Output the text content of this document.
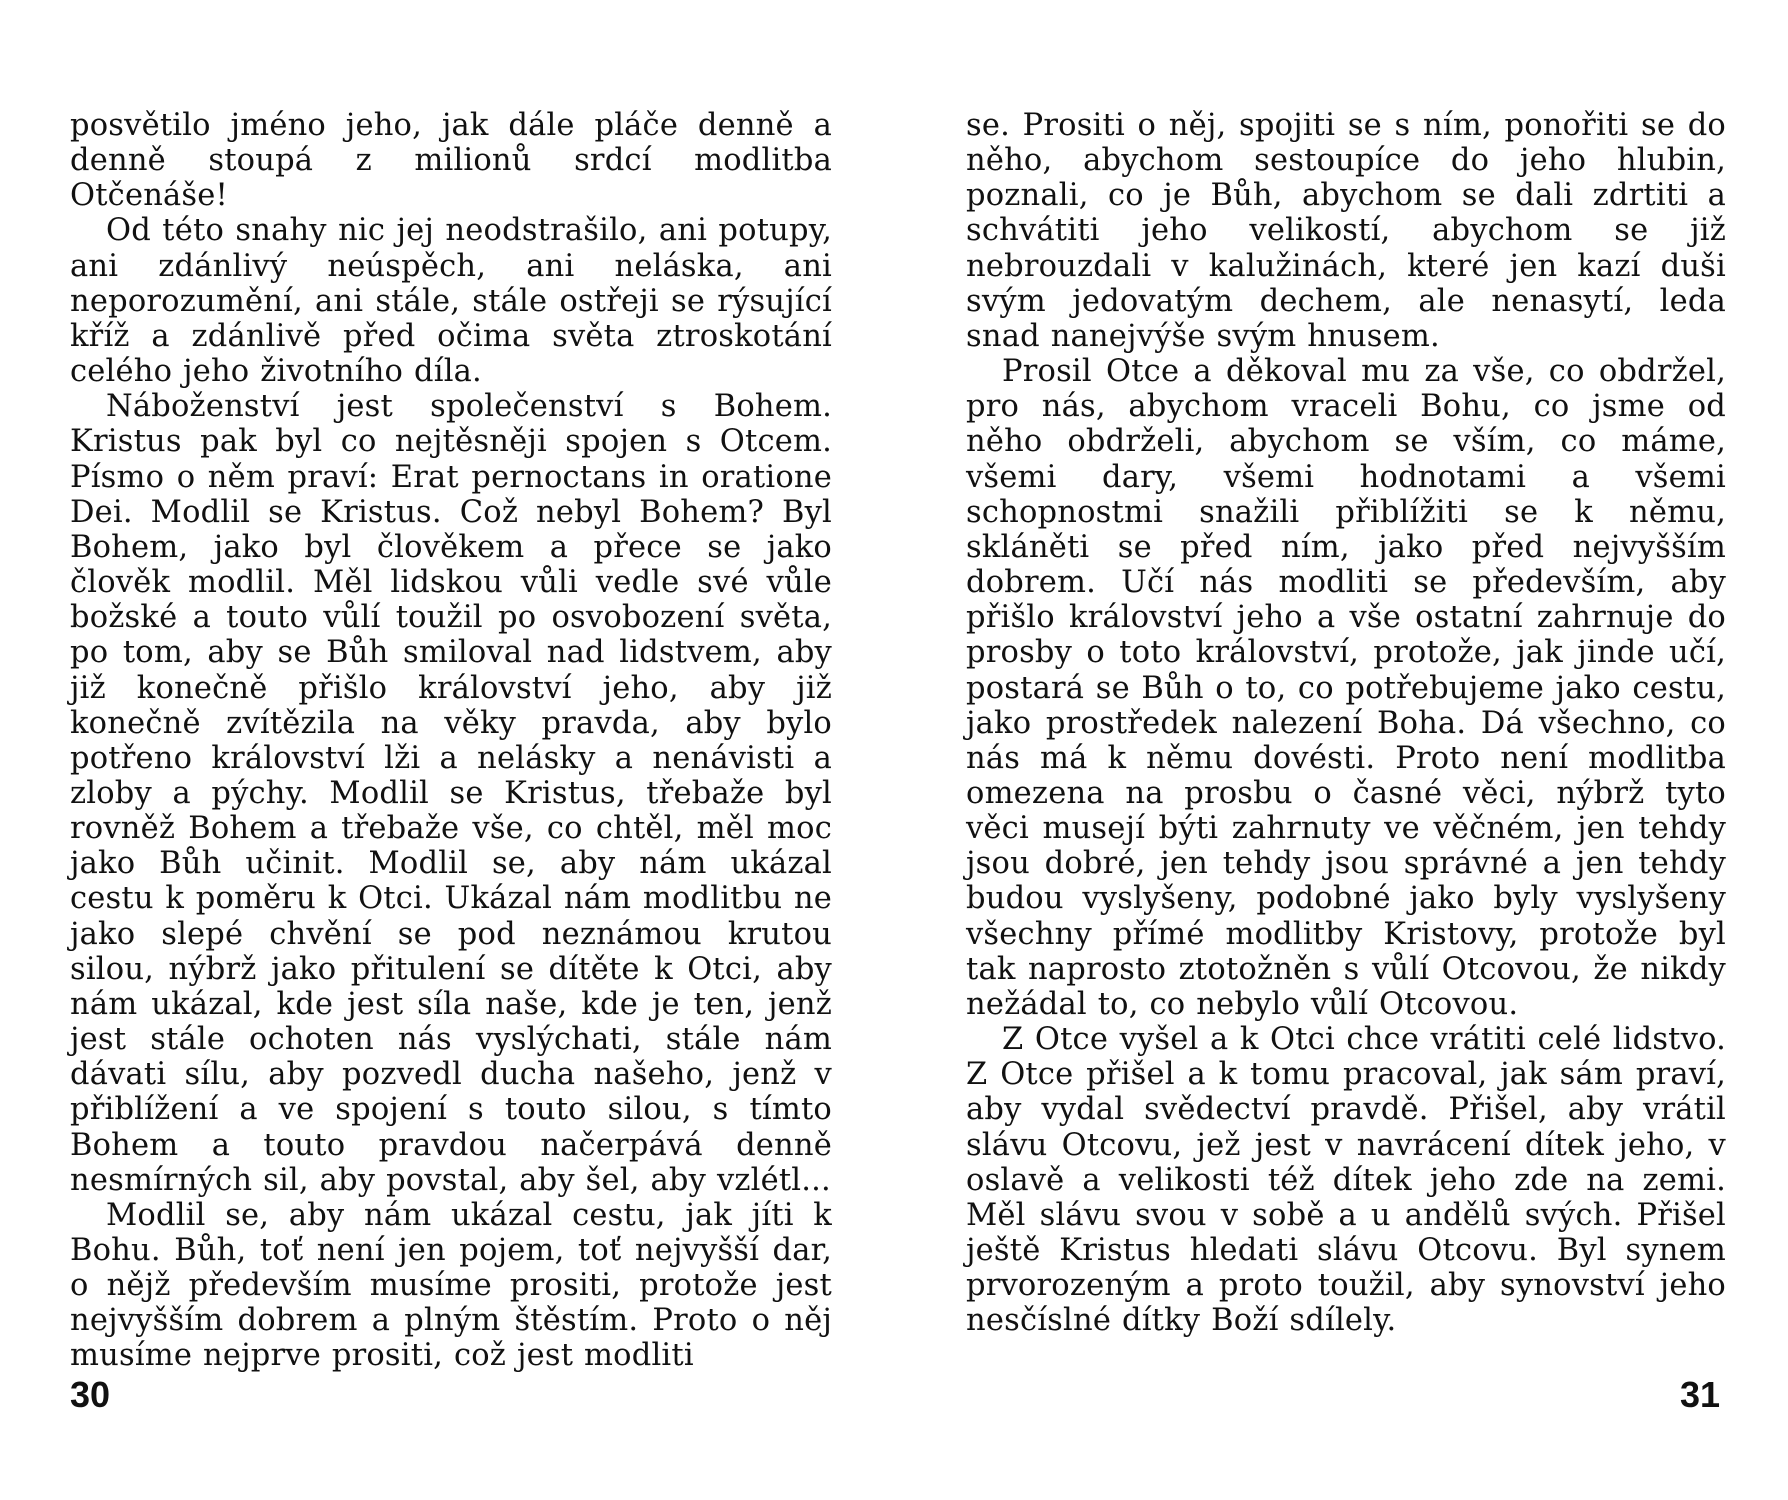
posvětilo jméno jeho, jak dále pláče denně a denně stoupá z milionů srdcí modlitba Otčenáše!

Od této snahy nic jej neodstrašilo, ani potupy, ani zdánlivý neúspěch, ani neláska, ani neporozumění, ani stále, stále ostřeji se rýsující kříž a zdánlivě před očima světa ztroskotání celého jeho životního díla.

Náboženství jest společenství s Bohem. Kristus pak byl co nejtěsněji spojen s Otcem. Písmo o něm praví: Erat pernoctans in oratione Dei. Modlil se Kristus. Což nebyl Bohem? Byl Bohem, jako byl člověkem a přece se jako člověk modlil. Měl lidskou vůli vedle své vůle božské a touto vůlí toužil po osvobození světa, po tom, aby se Bůh smiloval nad lidstvem, aby již konečně přišlo království jeho, aby již konečně zvítězila na věky pravda, aby bylo potřeno království lži a nelásky a nenávisti a zloby a pýchy. Modlil se Kristus, třebaže byl rovněž Bohem a třebaže vše, co chtěl, měl moc jako Bůh učinit. Modlil se, aby nám ukázal cestu k poměru k Otci. Ukázal nám modlitbu ne jako slepé chvění se pod neznámou krutou silou, nýbrž jako přitulení se dítěte k Otci, aby nám ukázal, kde jest síla naše, kde je ten, jenž jest stále ochoten nás vyslýchati, stále nám dávati sílu, aby pozvedl ducha našeho, jenž v přiblížení a ve spojení s touto silou, s tímto Bohem a touto pravdou načerpává denně nesmírných sil, aby povstal, aby šel, aby vzlétl...

Modlil se, aby nám ukázal cestu, jak jíti k Bohu. Bůh, toť není jen pojem, toť nejvyšší dar, o nějž především musíme prositi, protože jest nejvyšším dobrem a plným štěstím. Proto o něj musíme nejprve prositi, což jest modliti

30

se. Prositi o něj, spojiti se s ním, ponořiti se do něho, abychom sestoupíce do jeho hlubin, poznali, co je Bůh, abychom se dali zdrtiti a schvátiti jeho velikostí, abychom se již nebrouzdali v kalužinách, které jen kazí duši svým jedovatým dechem, ale nenasytí, leda snad nanejvýše svým hnusem.

Prosil Otce a děkoval mu za vše, co obdržel, pro nás, abychom vraceli Bohu, co jsme od něho obdrželi, abychom se vším, co máme, všemi dary, všemi hodnotami a všemi schopnostmi snažili přiblížiti se k němu, skláněti se před ním, jako před nejvyšším dobrem. Učí nás modliti se především, aby přišlo království jeho a vše ostatní zahrnuje do prosby o toto království, protože, jak jinde učí, postará se Bůh o to, co potřebujeme jako cestu, jako prostředek nalezení Boha. Dá všechno, co nás má k němu dovésti. Proto není modlitba omezena na prosbu o časné věci, nýbrž tyto věci musejí býti zahrnuty ve věčném, jen tehdy jsou dobré, jen tehdy jsou správné a jen tehdy budou vyslyšeny, podobné jako byly vyslyšeny všechny přímé modlitby Kristovy, protože byl tak naprosto ztotožněn s vůlí Otcovou, že nikdy nežádal to, co nebylo vůlí Otcovou.

Z Otce vyšel a k Otci chce vrátiti celé lidstvo. Z Otce přišel a k tomu pracoval, jak sám praví, aby vydal svědectví pravdě. Přišel, aby vrátil slávu Otcovu, jež jest v navrácení dítek jeho, v oslavě a velikosti též dítek jeho zde na zemi. Měl slávu svou v sobě a u andělů svých. Přišel ještě Kristus hledati slávu Otcovu. Byl synem prvorozeným a proto toužil, aby synovství jeho nesčíslné dítky Boží sdílely.

31
